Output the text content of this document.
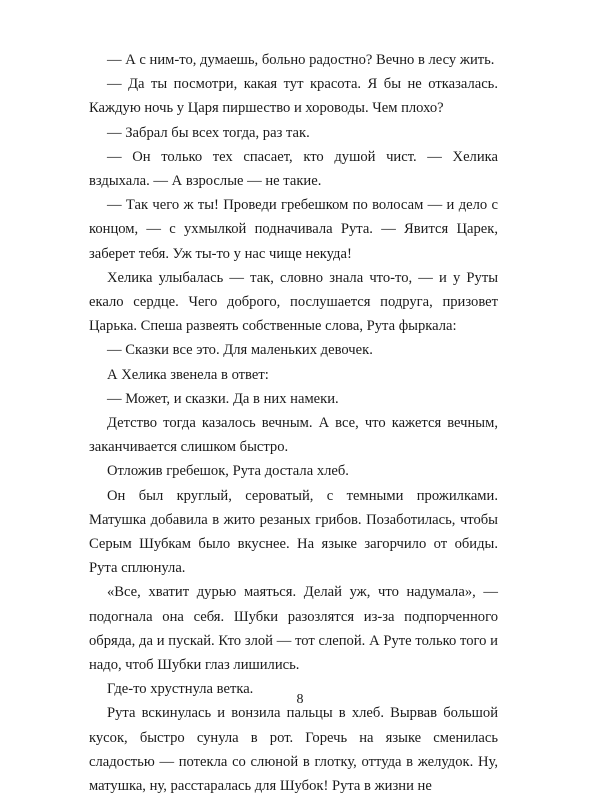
— А с ним-то, думаешь, больно радостно? Вечно в лесу жить.

— Да ты посмотри, какая тут красота. Я бы не отказалась. Каждую ночь у Царя пиршество и хороводы. Чем плохо?

— Забрал бы всех тогда, раз так.

— Он только тех спасает, кто душой чист. — Хелика вздыхала. — А взрослые — не такие.

— Так чего ж ты! Проведи гребешком по волосам — и дело с концом, — с ухмылкой подначивала Рута. — Явится Царек, заберет тебя. Уж ты-то у нас чище некуда!

Хелика улыбалась — так, словно знала что-то, — и у Руты екало сердце. Чего доброго, послушается подруга, призовет Царька. Спеша развеять собственные слова, Рута фыркала:

— Сказки все это. Для маленьких девочек.

А Хелика звенела в ответ:

— Может, и сказки. Да в них намеки.

Детство тогда казалось вечным. А все, что кажется вечным, заканчивается слишком быстро.

Отложив гребешок, Рута достала хлеб.

Он был круглый, сероватый, с темными прожилками. Матушка добавила в жито резаных грибов. Позаботилась, чтобы Серым Шубкам было вкуснее. На языке загорчило от обиды. Рута сплюнула.

«Все, хватит дурью маяться. Делай уж, что надумала», — подогнала она себя. Шубки разозлятся из-за подпорченного обряда, да и пускай. Кто злой — тот слепой. А Руте только того и надо, чтоб Шубки глаз лишились.

Где-то хрустнула ветка.

Рута вскинулась и вонзила пальцы в хлеб. Вырвав большой кусок, быстро сунула в рот. Горечь на языке сменилась сладостью — потекла со слюной в глотку, оттуда в желудок. Ну, матушка, ну, расстаралась для Шубок! Рута в жизни не

8
